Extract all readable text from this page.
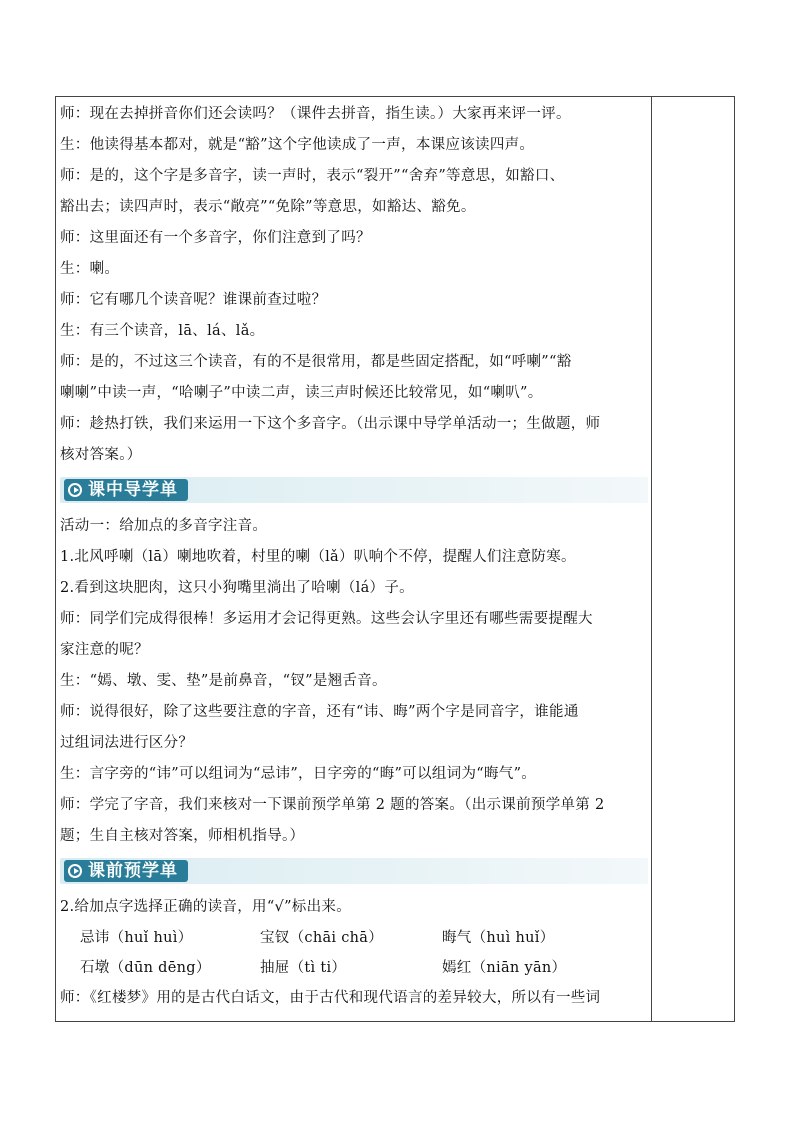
师：现在去掉拼音你们还会读吗？（课件去拼音，指生读。）大家再来评一评。

生：他读得基本都对，就是“豁”这个字他读成了一声，本课应该读四声。

师：是的，这个字是多音字，读一声时，表示“裂开”“舍弃”等意思，如豁口、

豁出去；读四声时，表示“敞亮”“免除”等意思，如豁达、豁免。

师：这里面还有一个多音字，你们注意到了吗？

生：喇。

师：它有哪几个读音呢？谁课前查过啦？

生：有三个读音，lā、lá、lǎ。

师：是的，不过这三个读音，有的不是很常用，都是些固定搭配，如“呼喇”“豁

喇喇”中读一声，“哈喇子”中读二声，读三声时候还比较常见，如“喇叭”。

师：趁热打铁，我们来运用一下这个多音字。（出示课中导学单活动一；生做题，师

核对答案。）

课中导学单

活动一：给加点的多音字注音。

1.北风呼喇（lā）喇地吹着，村里的喇（lǎ）叭响个不停，提醒人们注意防寒。

2.看到这块肥肉，这只小狗嘴里淌出了哈喇（lá）子。

师：同学们完成得很棒！多运用才会记得更熟。这些会认字里还有哪些需要提醒大

家注意的呢？

生：“嫣、墩、雯、垫”是前鼻音，“钗”是翘舌音。

师：说得很好，除了这些要注意的字音，还有“讳、晦”两个字是同音字，谁能通

过组词法进行区分？

生：言字旁的“讳”可以组词为“忌讳”，日字旁的“晦”可以组词为“晦气”。

师：学完了字音，我们来核对一下课前预学单第 2 题的答案。（出示课前预学单第 2

题；生自主核对答案，师相机指导。）

课前预学单

2.给加点字选择正确的读音，用“√”标出来。

忌讳（huǐ huì）	宝钗（chāi chā）	晦气（huì huǐ）
石墩（dūn dēng）	抽屉（tì ti）	嫣红（niān yān）

师：《红楼梦》用的是古代白话文，由于古代和现代语言的差异较大，所以有一些词
